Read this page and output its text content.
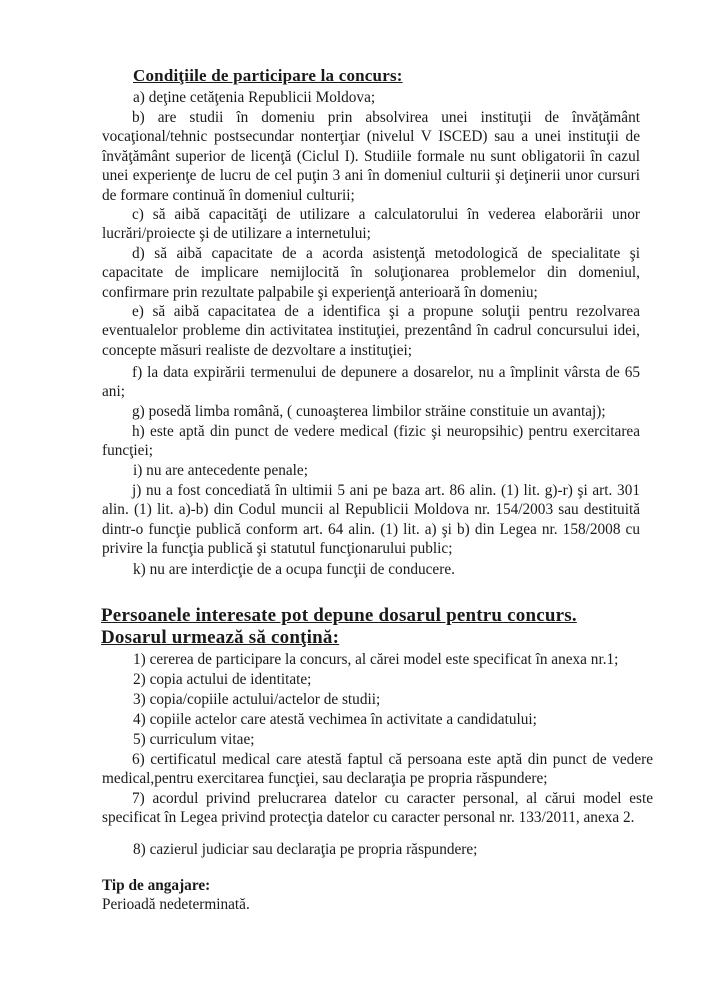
Condiţiile de participare la concurs:

a) deţine cetăţenia Republicii Moldova;

b) are studii în domeniu prin absolvirea unei instituţii de învăţământ vocaţional/tehnic postsecundar nonterţiar (nivelul V ISCED) sau a unei instituţii de învăţământ superior de licenţă (Ciclul I). Studiile formale nu sunt obligatorii în cazul unei experienţe de lucru de cel puţin 3 ani în domeniul culturii şi deţinerii unor cursuri de formare continuă în domeniul culturii;

c) să aibă capacităţi de utilizare a calculatorului în vederea elaborării unor lucrări/proiecte şi de utilizare a internetului;

d) să aibă capacitate de a acorda asistenţă metodologică de specialitate şi capacitate de implicare nemijlocită în soluţionarea problemelor din domeniul, confirmare prin rezultate palpabile şi experienţă anterioară în domeniu;

e) să aibă capacitatea de a identifica şi a propune soluţii pentru rezolvarea eventualelor probleme din activitatea instituţiei, prezentând în cadrul concursului idei, concepte măsuri realiste de dezvoltare a instituţiei;

f) la data expirării termenului de depunere a dosarelor, nu a împlinit vârsta de 65 ani;

g) posedă limba română, ( cunoaşterea limbilor străine constituie un avantaj);

h) este aptă din punct de vedere medical (fizic şi neuropsihic) pentru exercitarea funcţiei;

i) nu are antecedente penale;

j) nu a fost concediată în ultimii 5 ani pe baza art. 86 alin. (1) lit. g)-r) şi art. 301 alin. (1) lit. a)-b) din Codul muncii al Republicii Moldova nr. 154/2003 sau destituită dintr-o funcţie publică conform art. 64 alin. (1) lit. a) şi b) din Legea nr. 158/2008 cu privire la funcţia publică şi statutul funcţionarului public;

k) nu are interdicţie de a ocupa funcţii de conducere.

Persoanele interesate pot depune dosarul pentru concurs.

Dosarul urmează să conţină:

1) cererea de participare la concurs, al cărei model este specificat în anexa nr.1;

2) copia actului de identitate;

3) copia/copiile actului/actelor de studii;

4) copiile actelor care atestă vechimea în activitate a candidatului;

5) curriculum vitae;

6) certificatul medical care atestă faptul că persoana este aptă din punct de vedere medical,pentru exercitarea funcţiei, sau declaraţia pe propria răspundere;

7) acordul privind prelucrarea datelor cu caracter personal, al cărui model este specificat în Legea privind protecţia datelor cu caracter personal nr. 133/2011, anexa 2.

8) cazierul judiciar sau declaraţia pe propria răspundere;

Tip de angajare:

Perioadă nedeterminată.
